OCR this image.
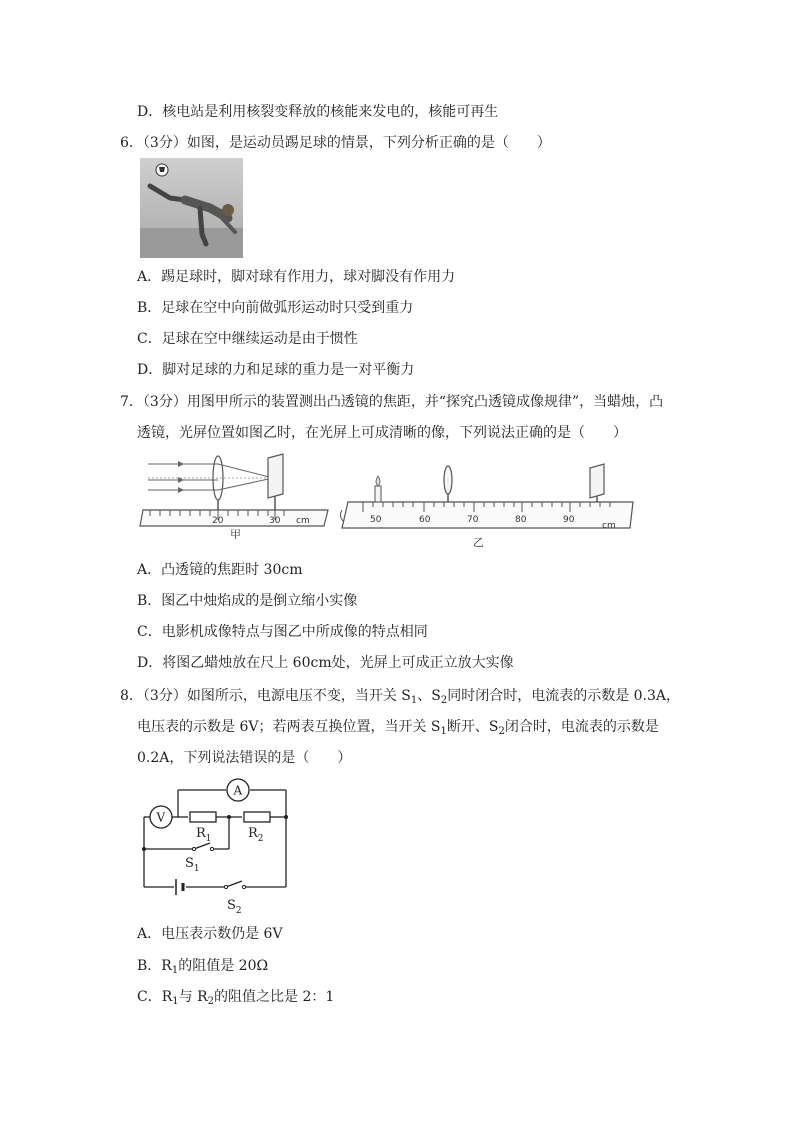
D．核电站是利用核裂变释放的核能来发电的，核能可再生
6．（3分）如图，是运动员踢足球的情景，下列分析正确的是（　　）
A．踢足球时，脚对球有作用力，球对脚没有作用力
B．足球在空中向前做弧形运动时只受到重力
C．足球在空中继续运动是由于惯性
D．脚对足球的力和足球的重力是一对平衡力
7．（3分）用图甲所示的装置测出凸透镜的焦距，并“探究凸透镜成像规律”，当蜡烛，凸
透镜，光屏位置如图乙时，在光屏上可成清晰的像，下列说法正确的是（　　）
20	30 cm
甲
50	60	70	80	90
cm
乙
A．凸透镜的焦距时 30cm
B．图乙中烛焰成的是倒立缩小实像
C．电影机成像特点与图乙中所成像的特点相同
D．将图乙蜡烛放在尺上 60cm处，光屏上可成正立放大实像
8．（3分）如图所示，电源电压不变，当开关 $S_1$、$S_2$同时闭合时，电流表的示数是 0.3A，
电压表的示数是 6V；若两表互换位置，当开关 $S_1$断开、$S_2$闭合时，电流表的示数是
0.2A，下列说法错误的是（　　）
A
V
$R_1$	$R_2$
$S_1$
$S_2$
A．电压表示数仍是 6V
B．$R_1$的阻值是 20Ω
C．$R_1$与 $R_2$的阻值之比是 2：1
